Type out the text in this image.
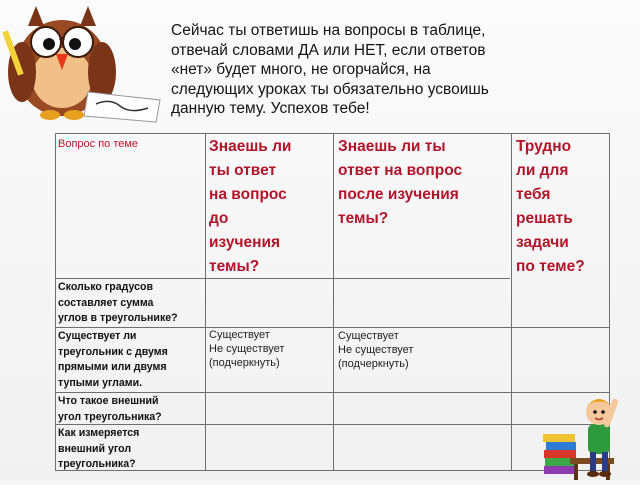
Сейчас ты ответишь на вопросы в таблице,
отвечай словами ДА или НЕТ, если ответов
«нет» будет много, не огорчайся, на
следующих уроках ты обязательно усвоишь
данную тему. Успехов тебе!

Вопрос по теме	Знаешь ли
ты ответ
на вопрос
до
изучения
темы?

Знаешь ли ты
ответ на вопрос
после изучения
темы?

Трудно
ли для
тебя
решать
задачи
по теме?

Сколько градусов
составляет сумма
углов в треугольнике?

Существует ли
треугольник с двумя
прямыми или двумя
тупыми углами.

Что такое внешний
угол треугольника?

Как измеряется
внешний угол
треугольника?

Существует
Не существует
(подчеркнуть)
Существует
Не существует
(подчеркнуть)
